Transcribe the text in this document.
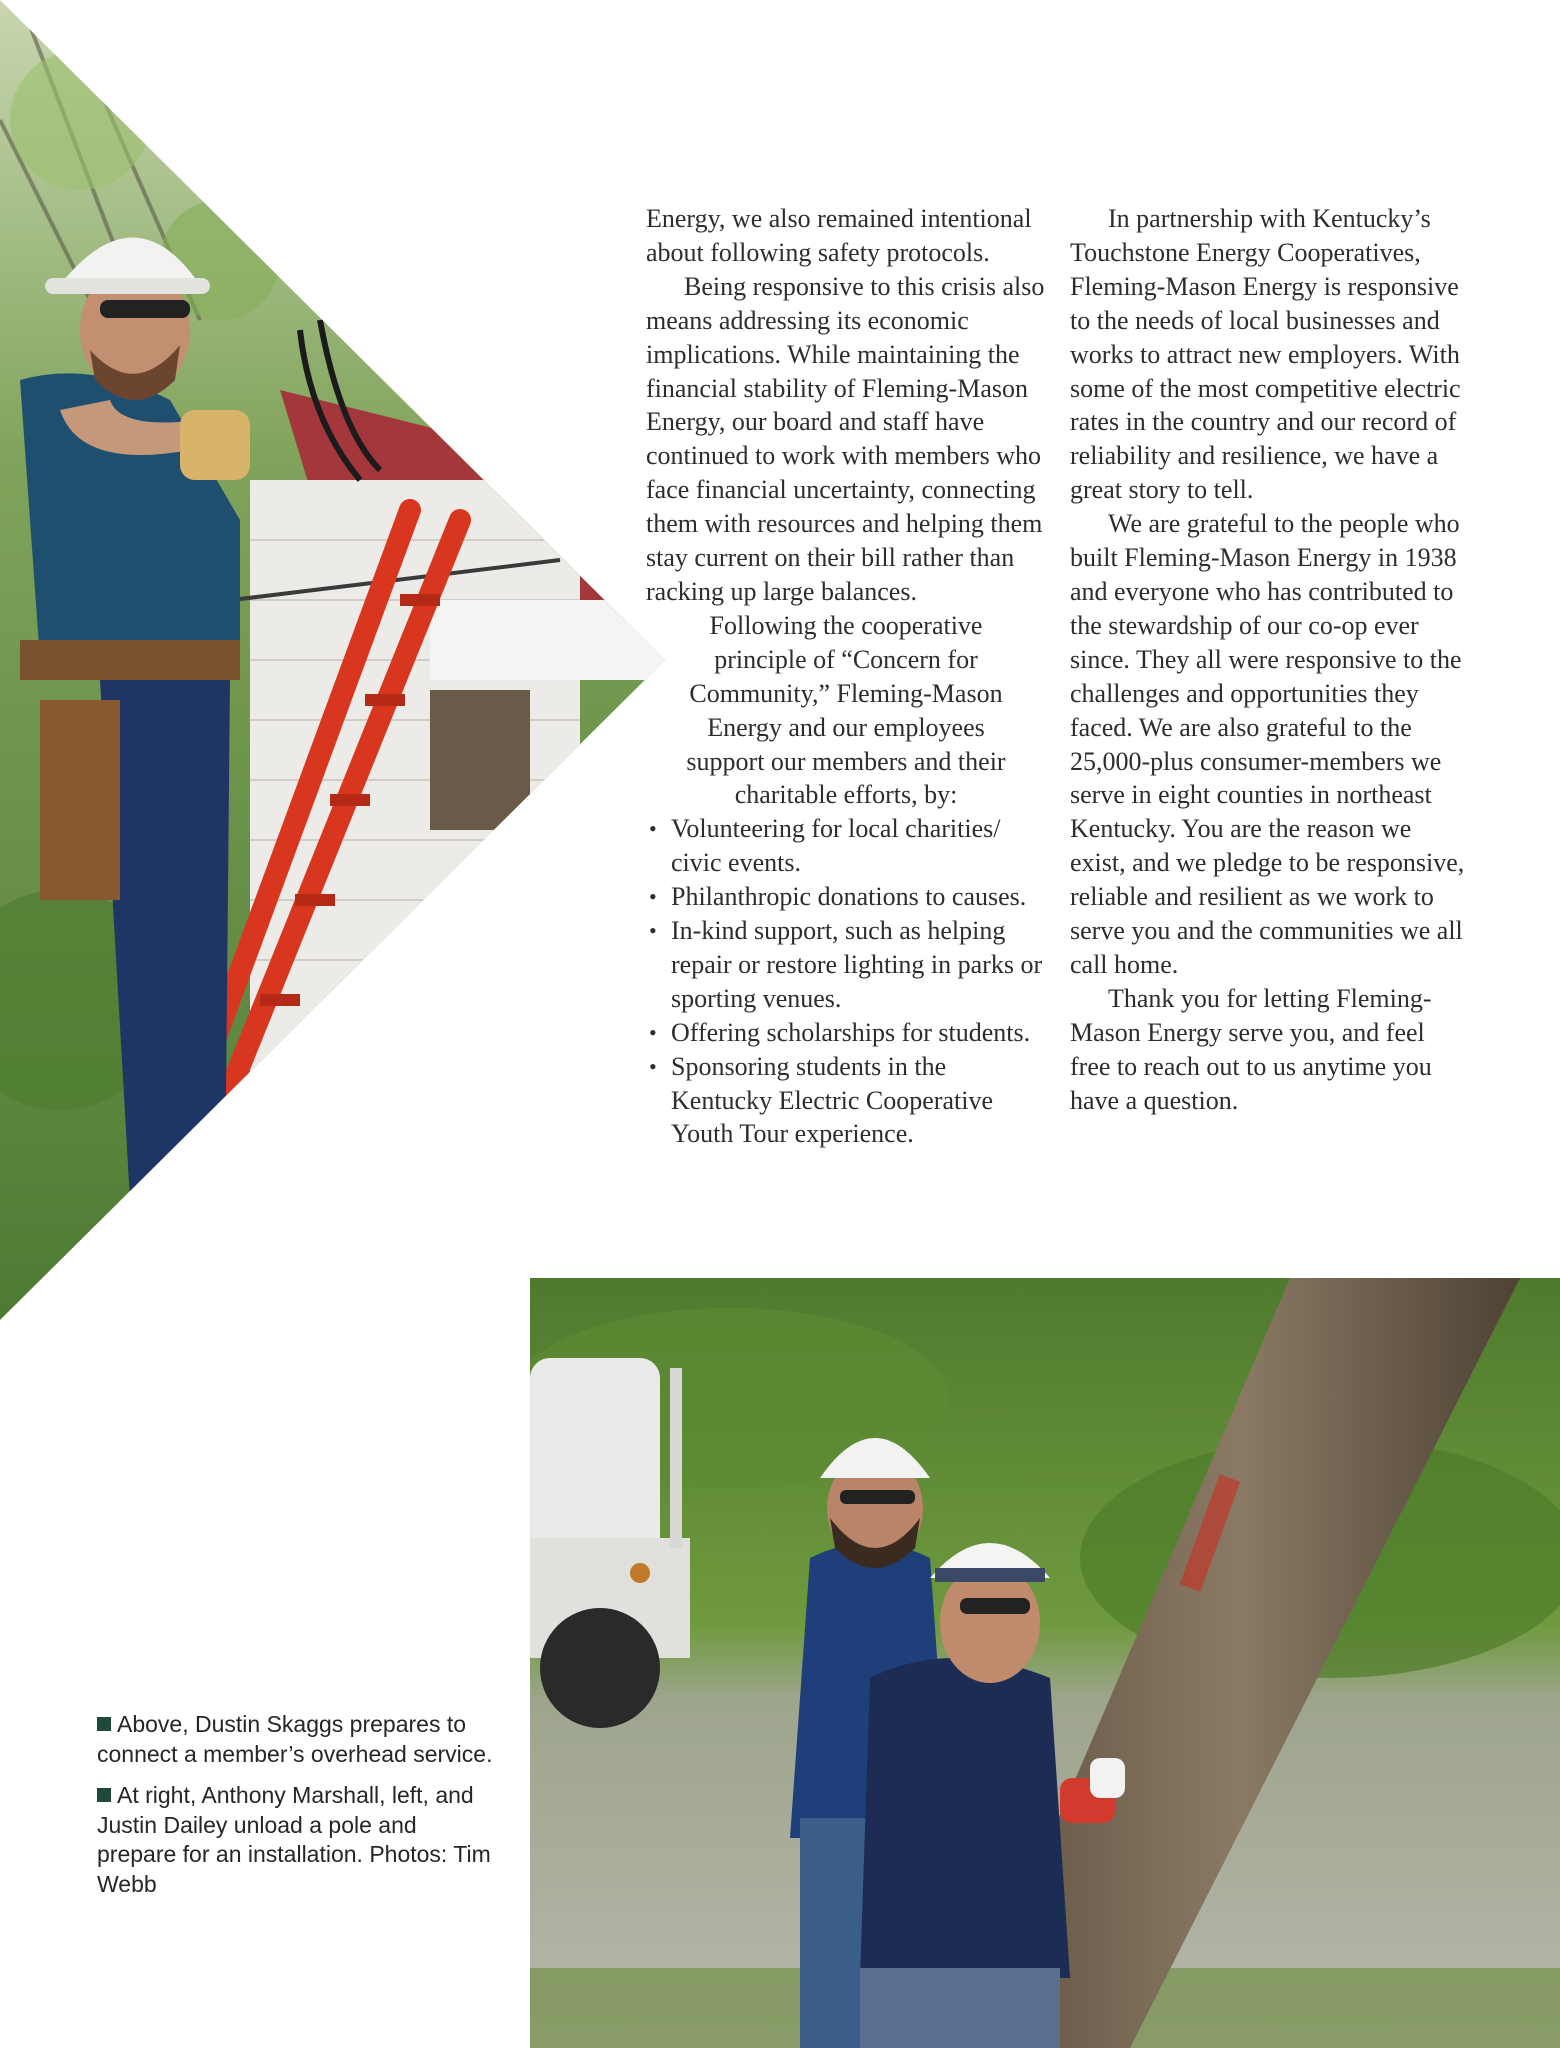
Energy, we also remained intentional about following safety protocols.

Being responsive to this crisis also means addressing its economic implications. While maintaining the financial stability of Fleming-Mason Energy, our board and staff have continued to work with members who face financial uncertainty, connecting them with resources and helping them stay current on their bill rather than racking up large balances.

Following the cooperative principle of “Concern for Community,” Fleming-Mason Energy and our employees support our members and their charitable efforts, by:

• Volunteering for local charities/ civic events.
• Philanthropic donations to causes.
• In-kind support, such as helping repair or restore lighting in parks or sporting venues.
• Offering scholarships for students.
• Sponsoring students in the Kentucky Electric Cooperative Youth Tour experience.

In partnership with Kentucky’s Touchstone Energy Cooperatives, Fleming-Mason Energy is responsive to the needs of local businesses and works to attract new employers. With some of the most competitive electric rates in the country and our record of reliability and resilience, we have a great story to tell.

We are grateful to the people who built Fleming-Mason Energy in 1938 and everyone who has contributed to the stewardship of our co-op ever since. They all were responsive to the challenges and opportunities they faced. We are also grateful to the 25,000-plus consumer-members we serve in eight counties in northeast Kentucky. You are the reason we exist, and we pledge to be responsive, reliable and resilient as we work to serve you and the communities we all call home.

Thank you for letting Fleming-Mason Energy serve you, and feel free to reach out to us anytime you have a question.

Above, Dustin Skaggs prepares to connect a member’s overhead service.

At right, Anthony Marshall, left, and Justin Dailey unload a pole and prepare for an installation. Photos: Tim Webb
